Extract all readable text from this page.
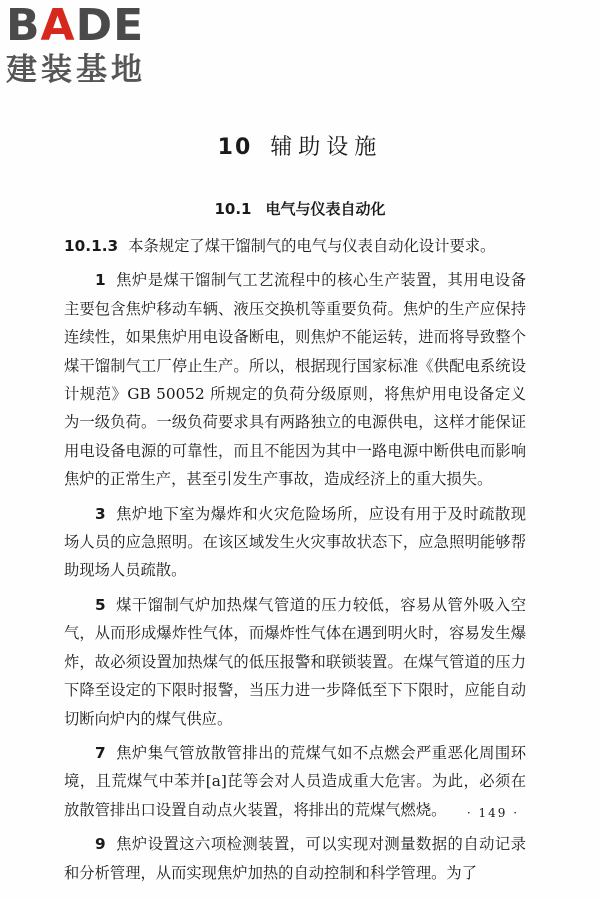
BADE
建装基地
10 辅助设施
10.1 电气与仪表自动化

10.1.3 本条规定了煤干馏制气的电气与仪表自动化设计要求。

1 焦炉是煤干馏制气工艺流程中的核心生产装置，其用电设备主要包含焦炉移动车辆、液压交换机等重要负荷。焦炉的生产应保持连续性，如果焦炉用电设备断电，则焦炉不能运转，进而将导致整个煤干馏制气工厂停止生产。所以，根据现行国家标准《供配电系统设计规范》GB 50052 所规定的负荷分级原则，将焦炉用电设备定义为一级负荷。一级负荷要求具有两路独立的电源供电，这样才能保证用电设备电源的可靠性，而且不能因为其中一路电源中断供电而影响焦炉的正常生产，甚至引发生产事故，造成经济上的重大损失。

3 焦炉地下室为爆炸和火灾危险场所，应设有用于及时疏散现场人员的应急照明。在该区域发生火灾事故状态下，应急照明能够帮助现场人员疏散。

5 煤干馏制气炉加热煤气管道的压力较低，容易从管外吸入空气，从而形成爆炸性气体，而爆炸性气体在遇到明火时，容易发生爆炸，故必须设置加热煤气的低压报警和联锁装置。在煤气管道的压力下降至设定的下限时报警，当压力进一步降低至下下限时，应能自动切断向炉内的煤气供应。

7 焦炉集气管放散管排出的荒煤气如不点燃会严重恶化周围环境，且荒煤气中苯并[a]芘等会对人员造成重大危害。为此，必须在放散管排出口设置自动点火装置，将排出的荒煤气燃烧。

9 焦炉设置这六项检测装置，可以实现对测量数据的自动记录和分析管理，从而实现焦炉加热的自动控制和科学管理。为了

· 149 ·
